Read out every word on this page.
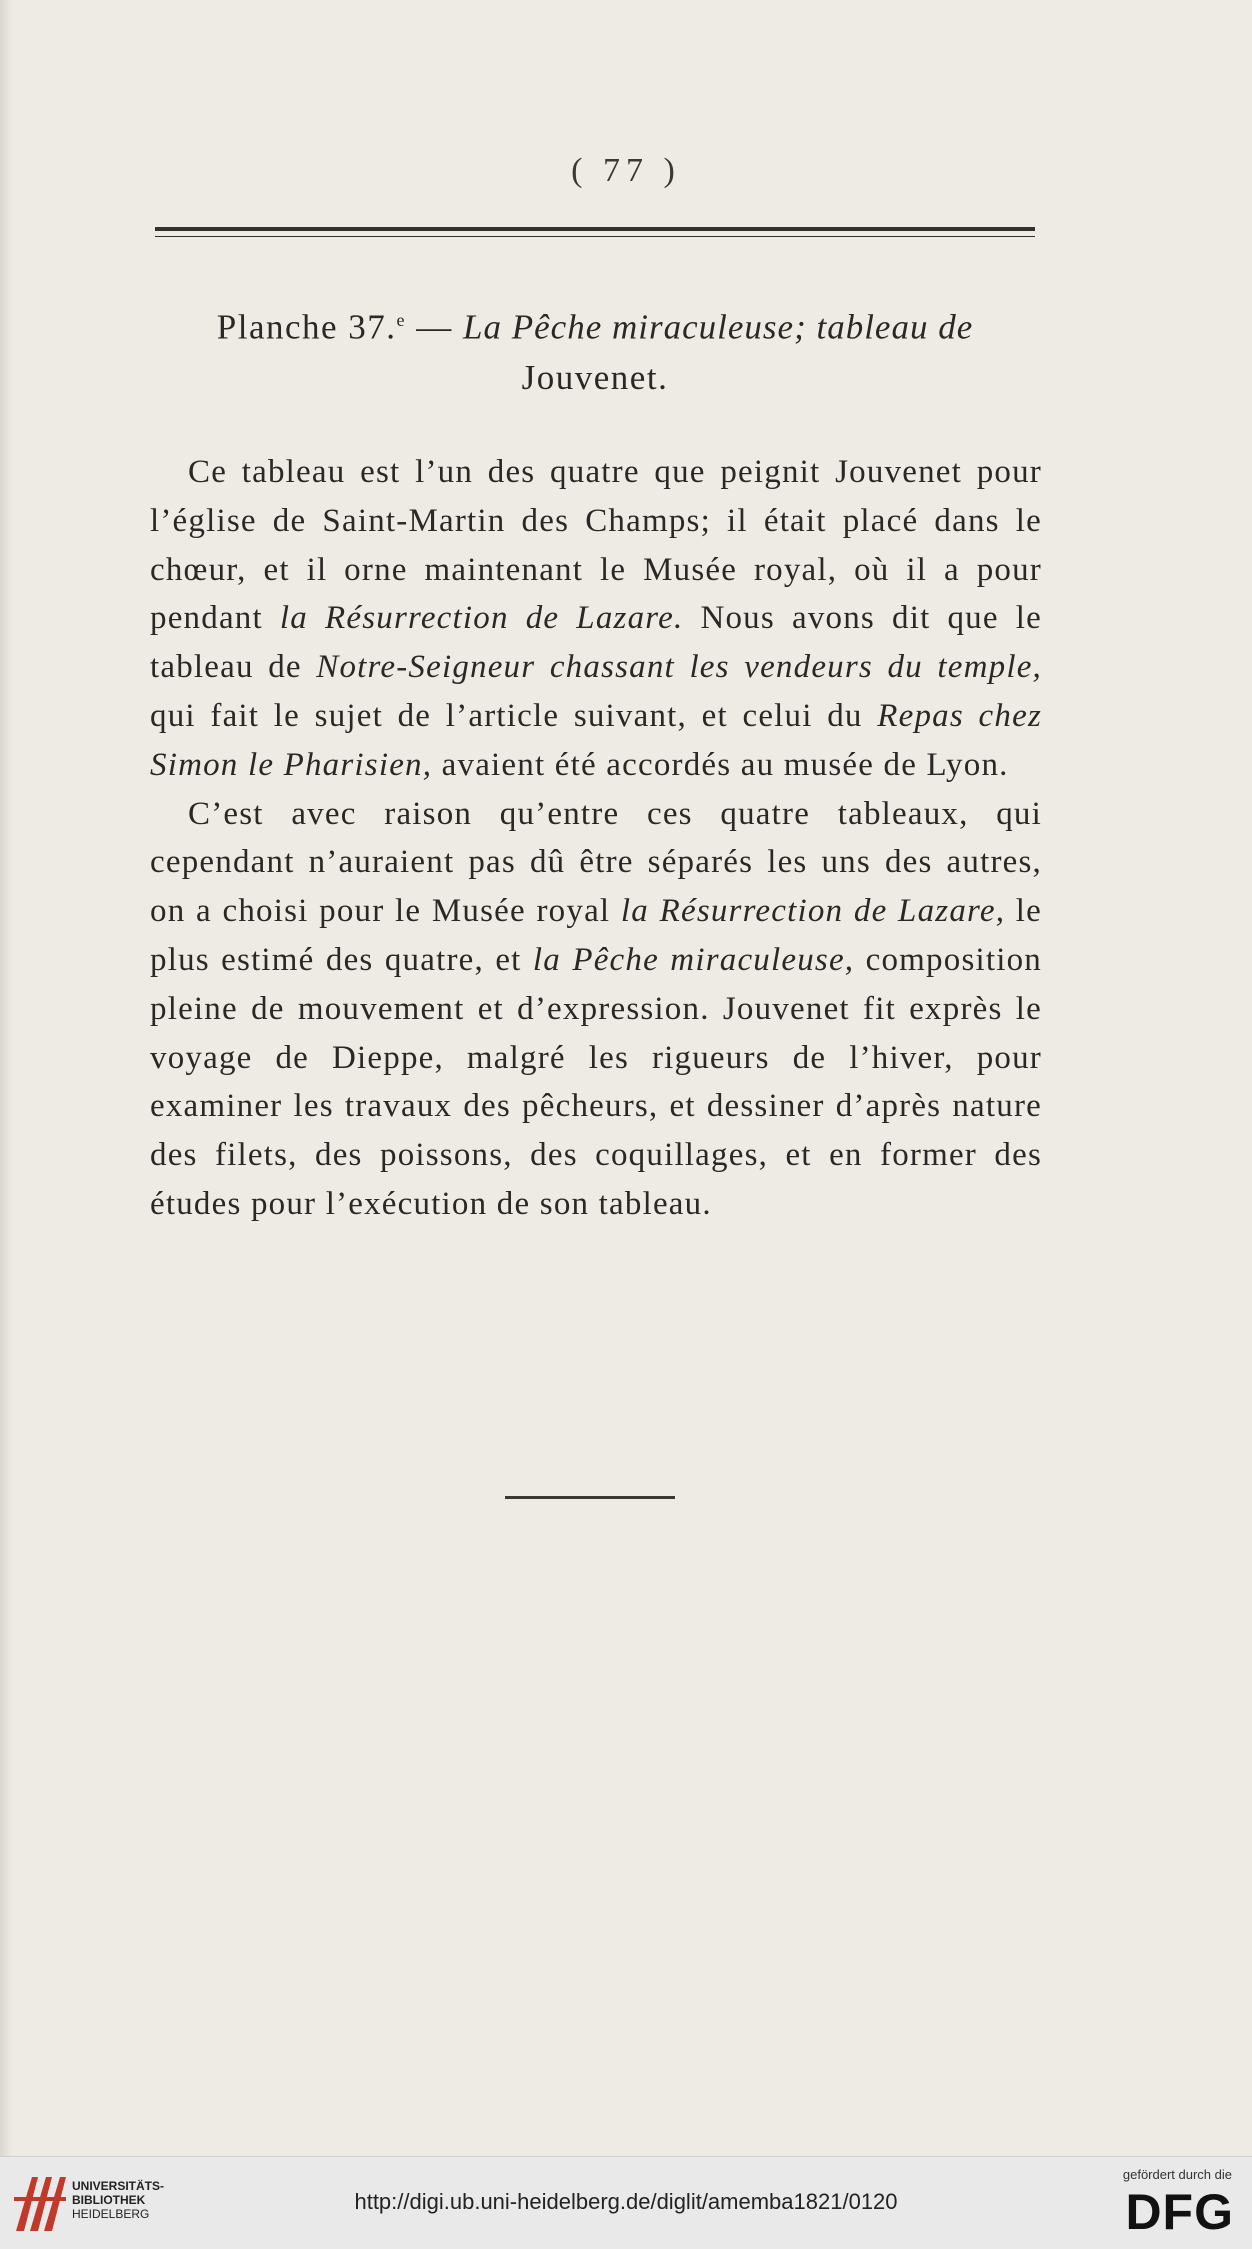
( 77 )
Planche 37.$^e$ — La Pêche miraculeuse; tableau de
Jouvenet.

Ce tableau est l’un des quatre que peignit Jouvenet pour l’église de Saint-Martin des Champs; il était placé dans le chœur, et il orne maintenant le Musée royal, où il a pour pendant la Résurrection de Lazare. Nous avons dit que le tableau de Notre-Seigneur chassant les vendeurs du temple, qui fait le sujet de l’article suivant, et celui du Repas chez Simon le Pharisien, avaient été accordés au musée de Lyon.

C’est avec raison qu’entre ces quatre tableaux, qui cependant n’auraient pas dû être séparés les uns des autres, on a choisi pour le Musée royal la Résurrection de Lazare, le plus estimé des quatre, et la Pêche miraculeuse, composition pleine de mouvement et d’expression. Jouvenet fit exprès le voyage de Dieppe, malgré les rigueurs de l’hiver, pour examiner les travaux des pêcheurs, et dessiner d’après nature des filets, des poissons, des coquillages, et en former des études pour l’exécution de son tableau.

UNIVERSITÄTS-
BIBLIOTHEK
HEIDELBERG	http://digi.ub.uni-heidelberg.de/diglit/amemba1821/0120
gefördert durch die
DFG
